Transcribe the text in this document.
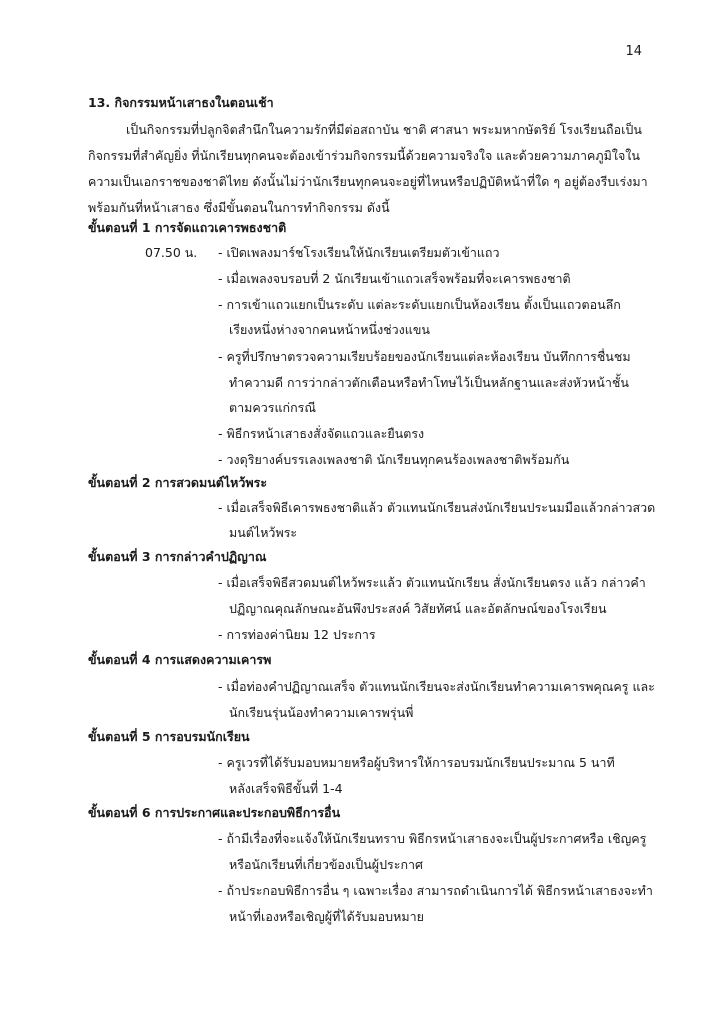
14
13. กิจกรรมหน้าเสาธงในตอนเช้า
เป็นกิจกรรมที่ปลูกจิตสำนึกในความรักที่มีต่อสถาบัน ชาติ ศาสนา พระมหากษัตริย์ โรงเรียนถือเป็น
กิจกรรมที่สำคัญยิ่ง ที่นักเรียนทุกคนจะต้องเข้าร่วมกิจกรรมนี้ด้วยความจริงใจ และด้วยความภาคภูมิใจใน
ความเป็นเอกราชของชาติไทย ดังนั้นไม่ว่านักเรียนทุกคนจะอยู่ที่ไหนหรือปฏิบัติหน้าที่ใด ๆ อยู่ต้องรีบเร่งมา
พร้อมกันที่หน้าเสาธง ซึ่งมีขั้นตอนในการทำกิจกรรม ดังนี้
ขั้นตอนที่ 1 การจัดแถวเคารพธงชาติ
07.50 น. - เปิดเพลงมาร์ชโรงเรียนให้นักเรียนเตรียมตัวเข้าแถว
- เมื่อเพลงจบรอบที่ 2 นักเรียนเข้าแถวเสร็จพร้อมที่จะเคารพธงชาติ
- การเข้าแถวแยกเป็นระดับ แต่ละระดับแยกเป็นห้องเรียน ตั้งเป็นแถวตอนลึก
เรียงหนึ่งห่างจากคนหน้าหนึ่งช่วงแขน
- ครูที่ปรึกษาตรวจความเรียบร้อยของนักเรียนแต่ละห้องเรียน บันทึกการชื่นชม
ทำความดี การว่ากล่าวตักเตือนหรือทำโทษไว้เป็นหลักฐานและส่งหัวหน้าชั้น
ตามควรแก่กรณี
- พิธีกรหน้าเสาธงสั่งจัดแถวและยืนตรง
- วงดุริยางค์บรรเลงเพลงชาติ นักเรียนทุกคนร้องเพลงชาติพร้อมกัน
ขั้นตอนที่ 2 การสวดมนต์ไหว้พระ
- เมื่อเสร็จพิธีเคารพธงชาติแล้ว ตัวแทนนักเรียนส่งนักเรียนประนมมือแล้วกล่าวสวด
มนต์ไหว้พระ
ขั้นตอนที่ 3 การกล่าวคำปฏิญาณ
- เมื่อเสร็จพิธีสวดมนต์ไหว้พระแล้ว ตัวแทนนักเรียน สั่งนักเรียนตรง แล้ว กล่าวคำ
ปฏิญาณคุณลักษณะอันพึงประสงค์ วิสัยทัศน์ และอัตลักษณ์ของโรงเรียน
- การท่องค่านิยม 12 ประการ
ขั้นตอนที่ 4 การแสดงความเคารพ
- เมื่อท่องคำปฏิญาณเสร็จ ตัวแทนนักเรียนจะส่งนักเรียนทำความเคารพคุณครู และ
นักเรียนรุ่นน้องทำความเคารพรุ่นพี่
ขั้นตอนที่ 5 การอบรมนักเรียน
- ครูเวรที่ได้รับมอบหมายหรือผู้บริหารให้การอบรมนักเรียนประมาณ 5 นาที
หลังเสร็จพิธีขั้นที่ 1-4
ขั้นตอนที่ 6 การประกาศและประกอบพิธีการอื่น
- ถ้ามีเรื่องที่จะแจ้งให้นักเรียนทราบ พิธีกรหน้าเสาธงจะเป็นผู้ประกาศหรือ เชิญครู
หรือนักเรียนที่เกี่ยวข้องเป็นผู้ประกาศ
- ถ้าประกอบพิธีการอื่น ๆ เฉพาะเรื่อง สามารถดำเนินการได้ พิธีกรหน้าเสาธงจะทำ
หน้าที่เองหรือเชิญผู้ที่ได้รับมอบหมาย
